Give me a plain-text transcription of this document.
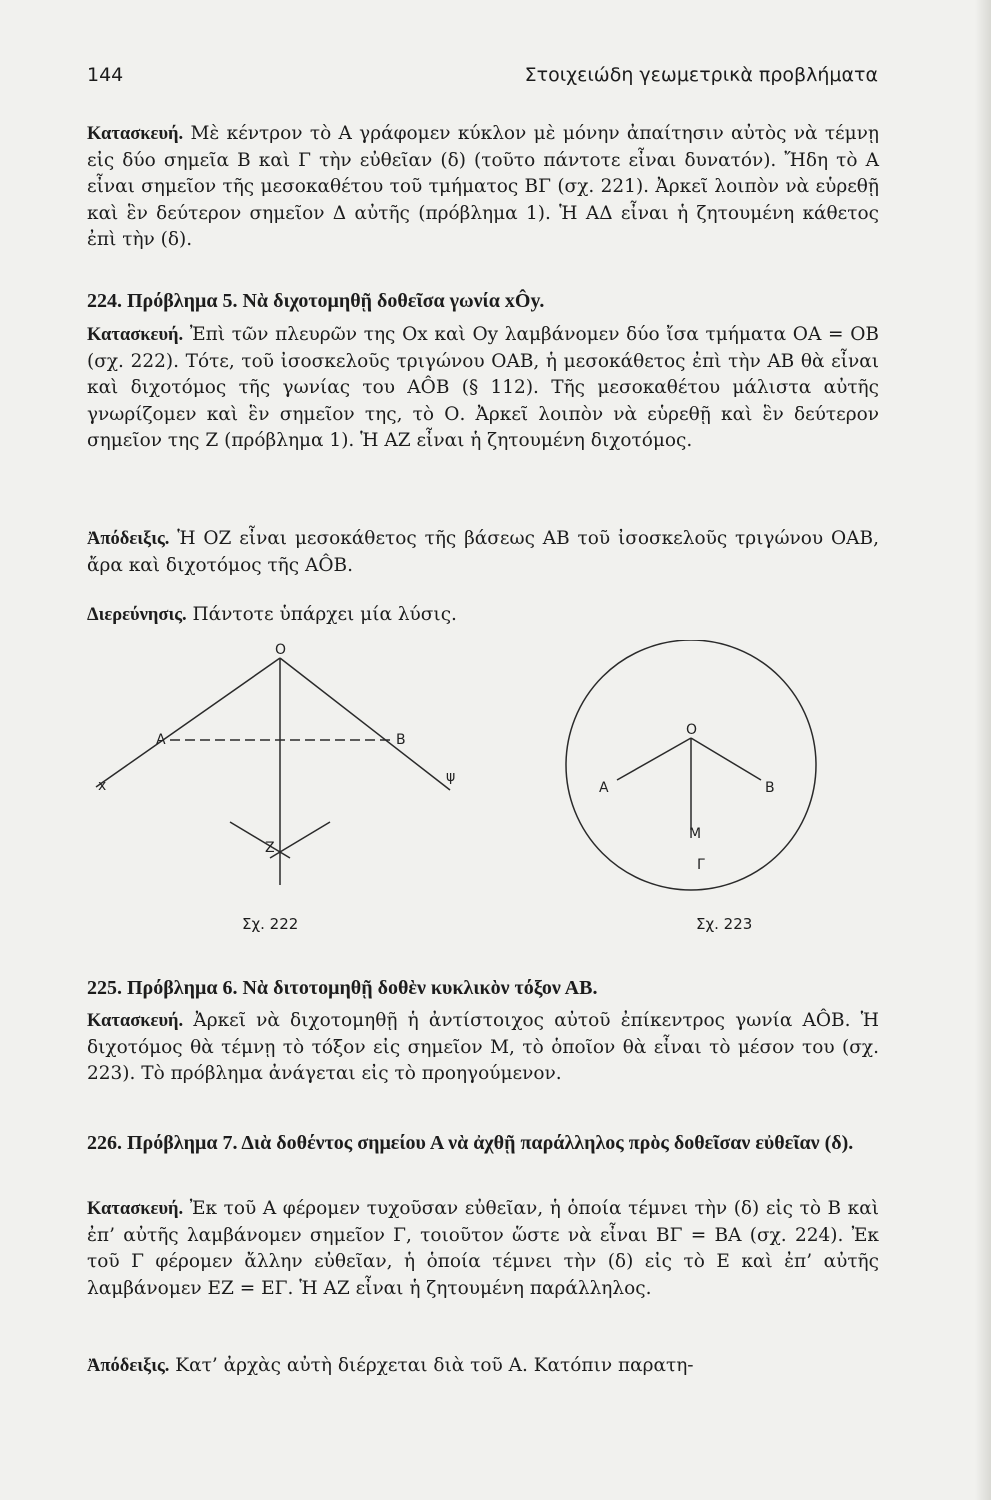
144	Στοιχειώδη γεωμετρικὰ προβλήματα
Κατασκευή. Μὲ κέντρον τὸ Α γράφομεν κύκλον μὲ μόνην ἀπαίτησιν αὐτὸς νὰ τέμνῃ εἰς δύο σημεῖα Β καὶ Γ τὴν εὐθεῖαν (δ) (τοῦτο πάντοτε εἶναι δυνατόν). Ἤδη τὸ Α εἶναι σημεῖον τῆς μεσοκαθέτου τοῦ τμήματος ΒΓ (σχ. 221). Ἀρκεῖ λοιπὸν νὰ εὑρεθῇ καὶ ἓν δεύτερον σημεῖον Δ αὐτῆς (πρόβλημα 1). Ἡ ΑΔ εἶναι ἡ ζητουμένη κάθετος ἐπὶ τὴν (δ).
224. Πρόβλημα 5. Νὰ διχοτομηθῇ δοθεῖσα γωνία xÔy.
Κατασκευή. Ἐπὶ τῶν πλευρῶν της Ox καὶ Oy λαμβάνομεν δύο ἴσα τμήματα ΟΑ = ΟΒ (σχ. 222). Τότε, τοῦ ἰσοσκελοῦς τριγώνου ΟΑΒ, ἡ μεσοκάθετος ἐπὶ τὴν ΑΒ θὰ εἶναι καὶ διχοτόμος τῆς γωνίας του ΑÔΒ (§ 112). Τῆς μεσοκαθέτου μάλιστα αὐτῆς γνωρίζομεν καὶ ἓν σημεῖον της, τὸ Ο. Ἀρκεῖ λοιπὸν νὰ εὑρεθῇ καὶ ἓν δεύτερον σημεῖον της Ζ (πρόβλημα 1). Ἡ ΑΖ εἶναι ἡ ζητουμένη διχοτόμος.
Ἀπόδειξις. Ἡ ΟΖ εἶναι μεσοκάθετος τῆς βάσεως ΑΒ τοῦ ἰσοσκελοῦς τριγώνου ΟΑΒ, ἄρα καὶ διχοτόμος τῆς ΑÔΒ.
Διερεύνησις. Πάντοτε ὑπάρχει μία λύσις.
O
A	B
x
ψ
Z
Σχ. 222
O
A	B
M
Γ
Σχ. 223
225. Πρόβλημα 6. Νὰ διτοτομηθῇ δοθὲν κυκλικὸν τόξον ΑΒ.
Κατασκευή. Ἀρκεῖ νὰ διχοτομηθῇ ἡ ἀντίστοιχος αὐτοῦ ἐπίκεντρος γωνία ΑÔΒ. Ἡ διχοτόμος θὰ τέμνῃ τὸ τόξον εἰς σημεῖον Μ, τὸ ὁποῖον θὰ εἶναι τὸ μέσον του (σχ. 223). Τὸ πρόβλημα ἀνάγεται εἰς τὸ προηγούμενον.
226. Πρόβλημα 7. Διὰ δοθέντος σημείου Α νὰ ἀχθῇ παράλληλος πρὸς δοθεῖσαν εὐθεῖαν (δ).
Κατασκευή. Ἐκ τοῦ Α φέρομεν τυχοῦσαν εὐθεῖαν, ἡ ὁποία τέμνει τὴν (δ) εἰς τὸ Β καὶ ἐπ’ αὐτῆς λαμβάνομεν σημεῖον Γ, τοιοῦτον ὥστε νὰ εἶναι ΒΓ = ΒΑ (σχ. 224). Ἐκ τοῦ Γ φέρομεν ἄλλην εὐθεῖαν, ἡ ὁποία τέμνει τὴν (δ) εἰς τὸ Ε καὶ ἐπ’ αὐτῆς λαμβάνομεν ΕΖ = ΕΓ. Ἡ ΑΖ εἶναι ἡ ζητουμένη παράλληλος.
Ἀπόδειξις. Κατ’ ἀρχὰς αὐτὴ διέρχεται διὰ τοῦ Α. Κατόπιν παρατη-
